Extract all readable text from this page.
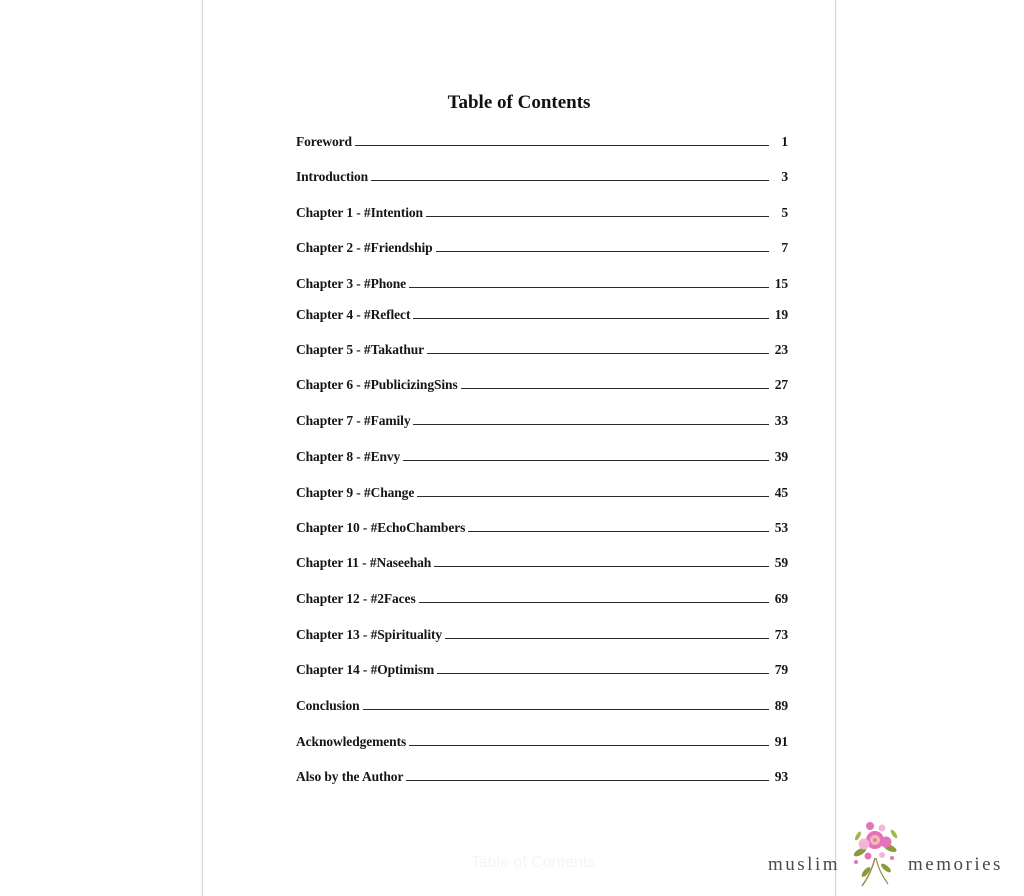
Table of Contents
Foreword	1
Introduction	3
Chapter 1 - #Intention	5
Chapter 2 - #Friendship	7
Chapter 3 - #Phone	15
Chapter 4 - #Reflect	19
Chapter 5 - #Takathur	23
Chapter 6 - #PublicizingSins	27
Chapter 7 - #Family	33
Chapter 8 - #Envy	39
Chapter 9 - #Change	45
Chapter 10 - #EchoChambers	53
Chapter 11 - #Naseehah	59
Chapter 12 - #2Faces	69
Chapter 13 - #Spirituality	73
Chapter 14 - #Optimism	79
Conclusion	89
Acknowledgements	91
Also by the Author	93
Table of Contents	muslim	memories
